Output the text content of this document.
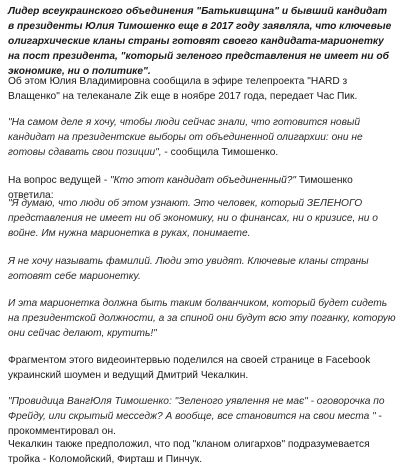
Лидер всеукраинского объединения "Батькивщина" и бывший кандидат в президенты Юлия Тимошенко еще в 2017 году заявляла, что ключевые олигархические кланы страны готовят своего кандидата-марионетку на пост президента, "который зеленого представления не имеет ни об экономике, ни о политике".

Об этом Юлия Владимировна сообщила в эфире телепроекта "HARD з Влащенко" на телеканале Zik еще в ноябре 2017 года, передает Час Пик.

"На самом деле я хочу, чтобы люди сейчас знали, что готовится новый кандидат на президентские выборы от объединенной олигархии: они не готовы сдавать свои позиции", - сообщила Тимошенко.

На вопрос ведущей - "Кто этот кандидат объединенный?" Тимошенко ответила:

"Я думаю, что люди об этом узнают. Это человек, который ЗЕЛЕНОГО представления не имеет ни об экономику, ни о финансах, ни о кризисе, ни о войне. Им нужна марионетка в руках, понимаете.

Я не хочу называть фамилий. Люди это увидят. Ключевые кланы страны готовят себе марионетку.

И эта марионетка должна быть таким болванчиком, который будет сидеть на президентской должности, а за спиной они будут всю эту поганку, которую они сейчас делают, крутить!"

Фрагментом этого видеоинтервью поделился на своей странице в Facebook украинский шоумен и ведущий Дмитрий Чекалкин.

"Провидица ВангЮля Тимошенко: "Зеленого уявлення не має" - оговорочка по Фрейду, или скрытый месседж? А вообще, все становится на свои места " - прокомментировал он.

Чекалкин также предположил, что под "кланом олигархов" подразумевается тройка - Коломойский, Фирташ и Пинчук.
